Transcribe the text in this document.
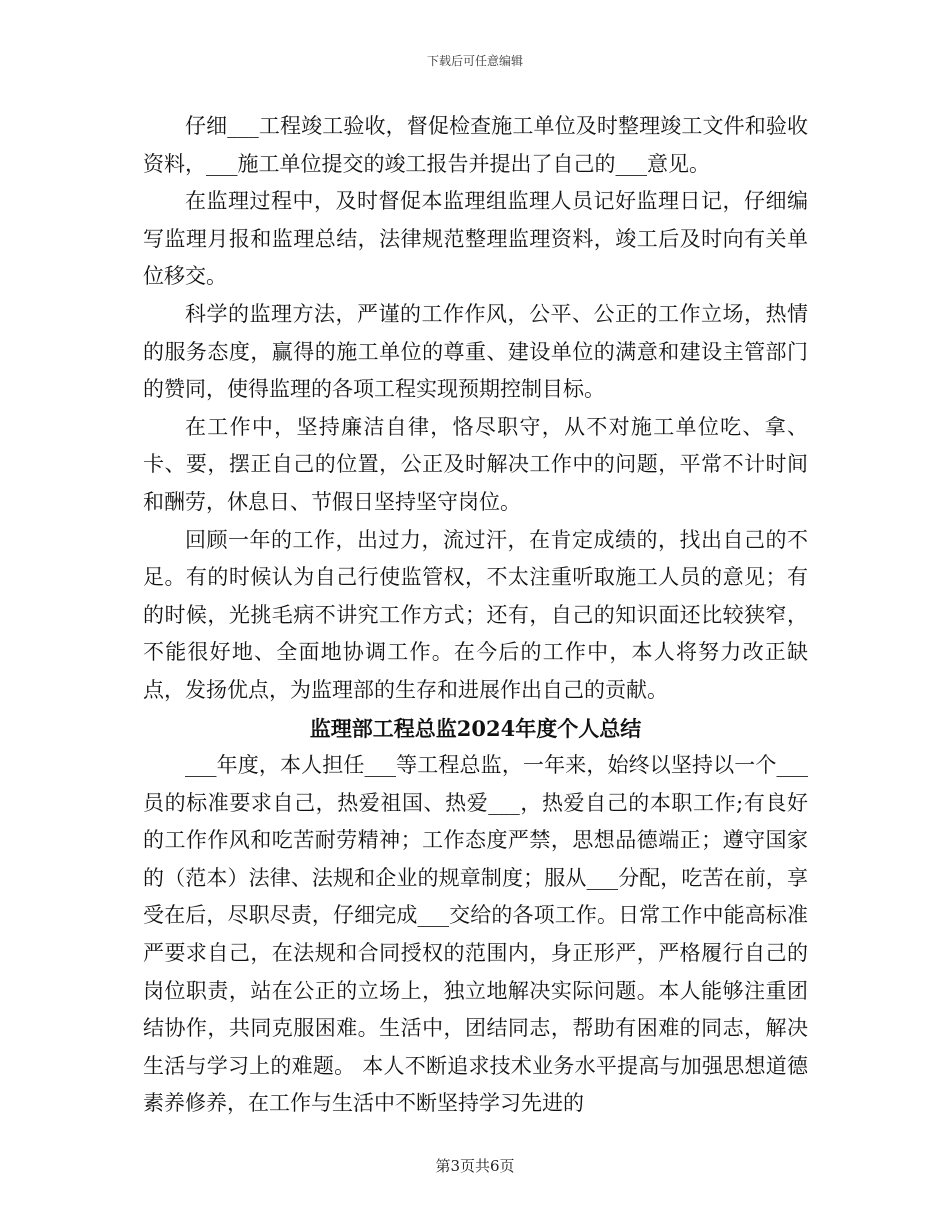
下载后可任意编辑

仔细___工程竣工验收，督促检查施工单位及时整理竣工文件和验收资料，___施工单位提交的竣工报告并提出了自己的___意见。

在监理过程中，及时督促本监理组监理人员记好监理日记，仔细编写监理月报和监理总结，法律规范整理监理资料，竣工后及时向有关单位移交。

科学的监理方法，严谨的工作作风，公平、公正的工作立场，热情的服务态度，赢得的施工单位的尊重、建设单位的满意和建设主管部门的赞同，使得监理的各项工程实现预期控制目标。

在工作中，坚持廉洁自律，恪尽职守，从不对施工单位吃、拿、卡、要，摆正自己的位置，公正及时解决工作中的问题，平常不计时间和酬劳，休息日、节假日坚持坚守岗位。

回顾一年的工作，出过力，流过汗，在肯定成绩的，找出自己的不足。有的时候认为自己行使监管权，不太注重听取施工人员的意见；有的时候，光挑毛病不讲究工作方式；还有，自己的知识面还比较狭窄，不能很好地、全面地协调工作。在今后的工作中，本人将努力改正缺点，发扬优点，为监理部的生存和进展作出自己的贡献。

监理部工程总监2024年度个人总结

___年度，本人担任___等工程总监，一年来，始终以坚持以一个___员的标准要求自己，热爱祖国、热爱___，热爱自己的本职工作;有良好的工作作风和吃苦耐劳精神；工作态度严禁，思想品德端正；遵守国家的（范本）法律、法规和企业的规章制度；服从___分配，吃苦在前，享受在后，尽职尽责，仔细完成___交给的各项工作。日常工作中能高标准严要求自己，在法规和合同授权的范围内，身正形严，严格履行自己的岗位职责，站在公正的立场上，独立地解决实际问题。本人能够注重团结协作，共同克服困难。生活中，团结同志，帮助有困难的同志，解决生活与学习上的难题。 本人不断追求技术业务水平提高与加强思想道德素养修养，在工作与生活中不断坚持学习先进的

第3页共6页
